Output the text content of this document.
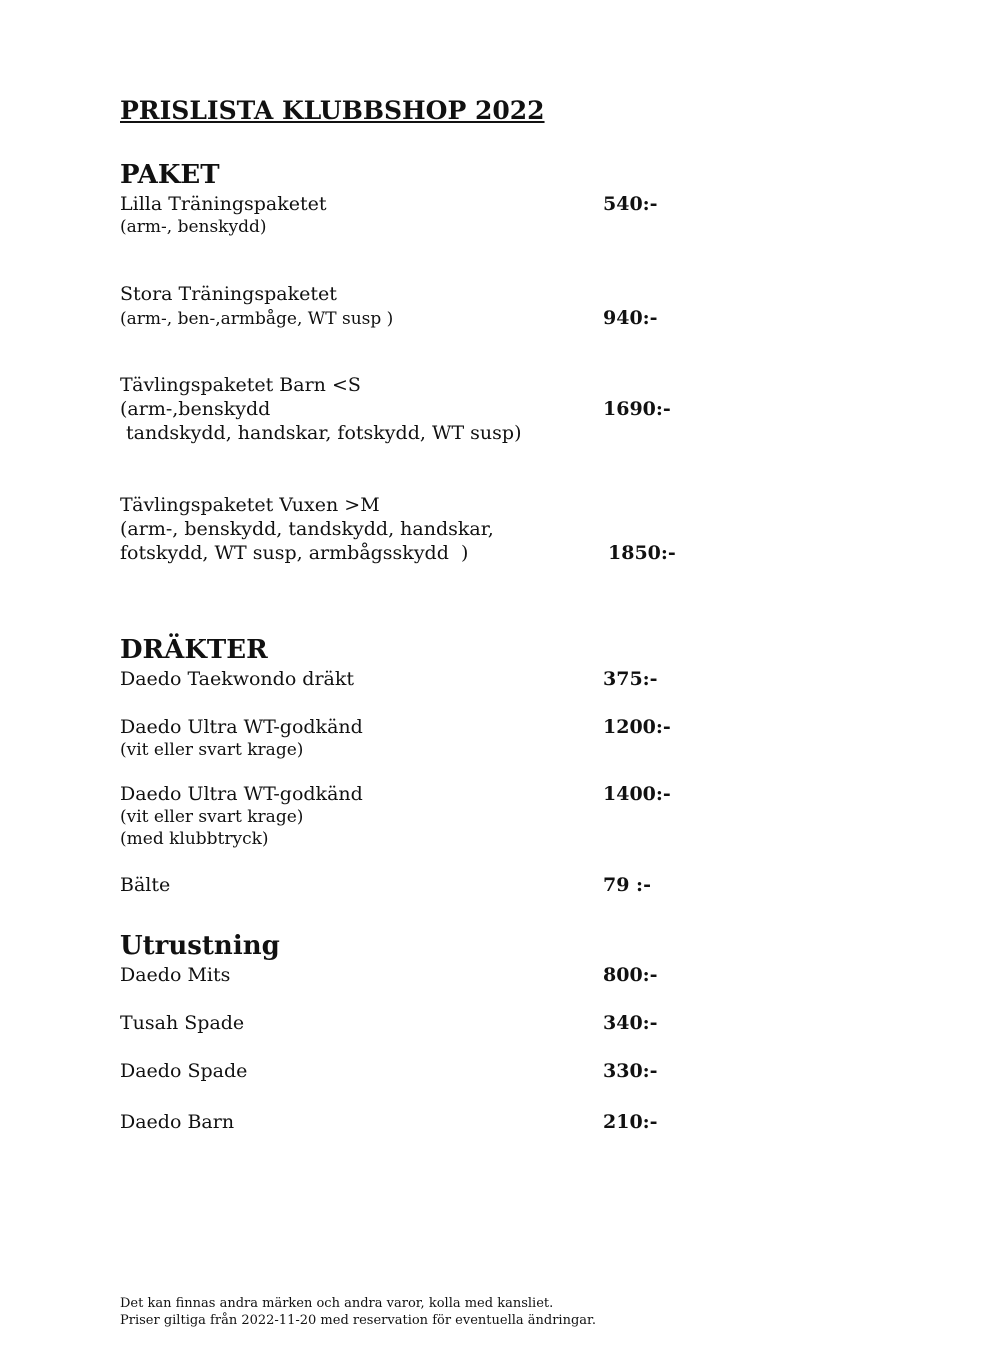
PRISLISTA KLUBBSHOP 2022
PAKET
Lilla Träningspaketet
(arm-, benskydd)
540:-
Stora Träningspaketet
(arm-, ben-,armbåge, WT susp )	940:-
Tävlingspaketet Barn <S
(arm-,benskydd
tandskydd, handskar, fotskydd, WT susp)
1690:-
Tävlingspaketet Vuxen >M
(arm-, benskydd, tandskydd, handskar,
fotskydd, WT susp, armbågsskydd  )	1850:-
DRÄKTER
Daedo Taekwondo dräkt	375:-
Daedo Ultra WT-godkänd
(vit eller svart krage)
1200:-
Daedo Ultra WT-godkänd
(vit eller svart krage)
(med klubbtryck)
1400:-
Bälte	79 :-
Utrustning
Daedo Mits	800:-
Tusah Spade	340:-
Daedo Spade	330:-
Daedo Barn	210:-
Det kan finnas andra märken och andra varor, kolla med kansliet.
Priser giltiga från 2022-11-20 med reservation för eventuella ändringar.
